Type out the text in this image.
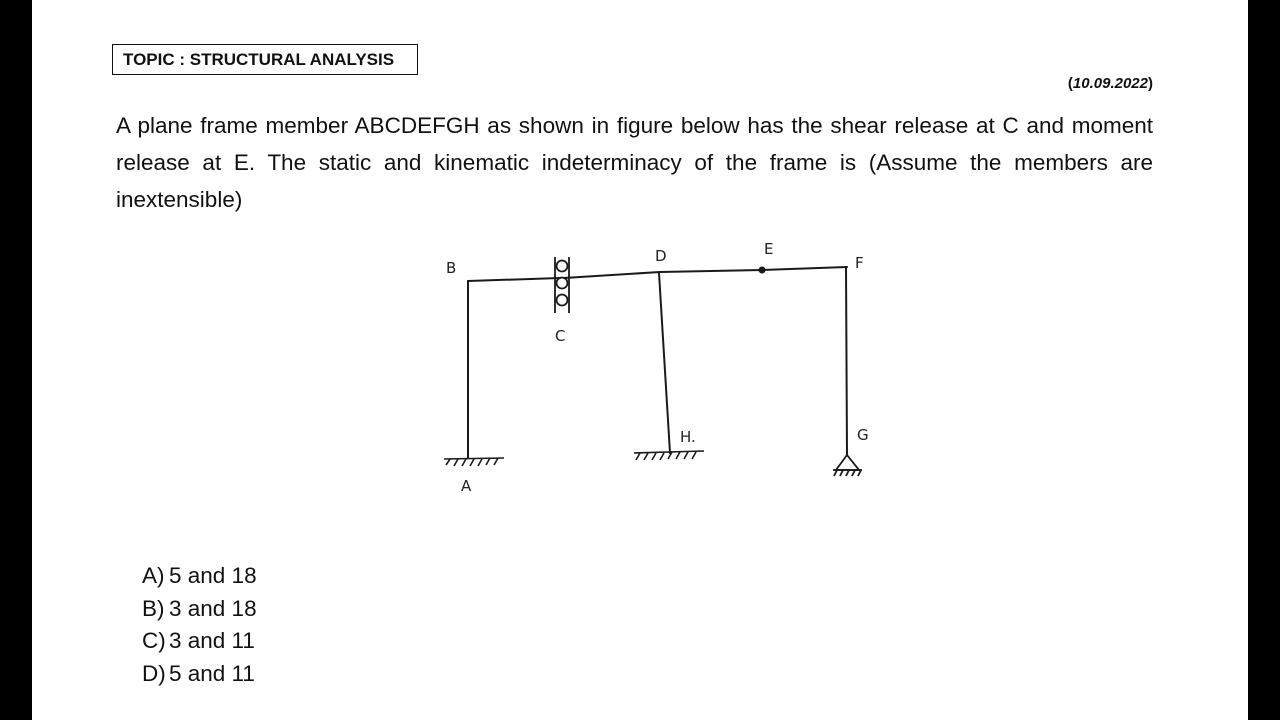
TOPIC : STRUCTURAL ANALYSIS
(10.09.2022)

A plane frame member ABCDEFGH as shown in figure below has the shear release at C and moment release at E. The static and kinematic indeterminacy of the frame is (Assume the members are inextensible)

A
B
C
D	E
F
G
H.
A) 5 and 18
B) 3 and 18
C) 3 and 11
D) 5 and 11
